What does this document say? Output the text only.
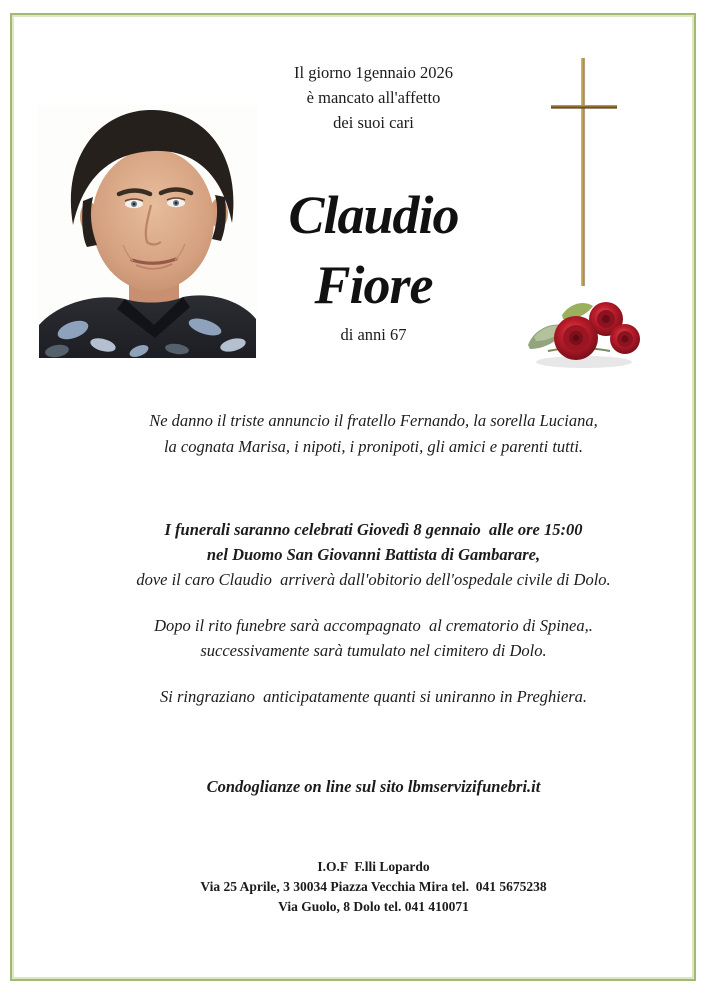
Il giorno 1gennaio 2026
è mancato all'affetto
dei suoi cari
Claudio
Fiore
di anni 67
Ne danno il triste annuncio il fratello Fernando, la sorella Luciana,
la cognata Marisa, i nipoti, i pronipoti, gli amici e parenti tutti.
I funerali saranno celebrati Giovedì 8 gennaio  alle ore 15:00
nel Duomo San Giovanni Battista di Gambarare,
dove il caro Claudio  arriverà dall'obitorio dell'ospedale civile di Dolo.
Dopo il rito funebre sarà accompagnato  al crematorio di Spinea,.
successivamente sarà tumulato nel cimitero di Dolo.
Si ringraziano  anticipatamente quanti si uniranno in Preghiera.
Condoglianze on line sul sito lbmservizifunebri.it
I.O.F  F.lli Lopardo
Via 25 Aprile, 3 30034 Piazza Vecchia Mira tel.  041 5675238
Via Guolo, 8 Dolo tel. 041 410071
